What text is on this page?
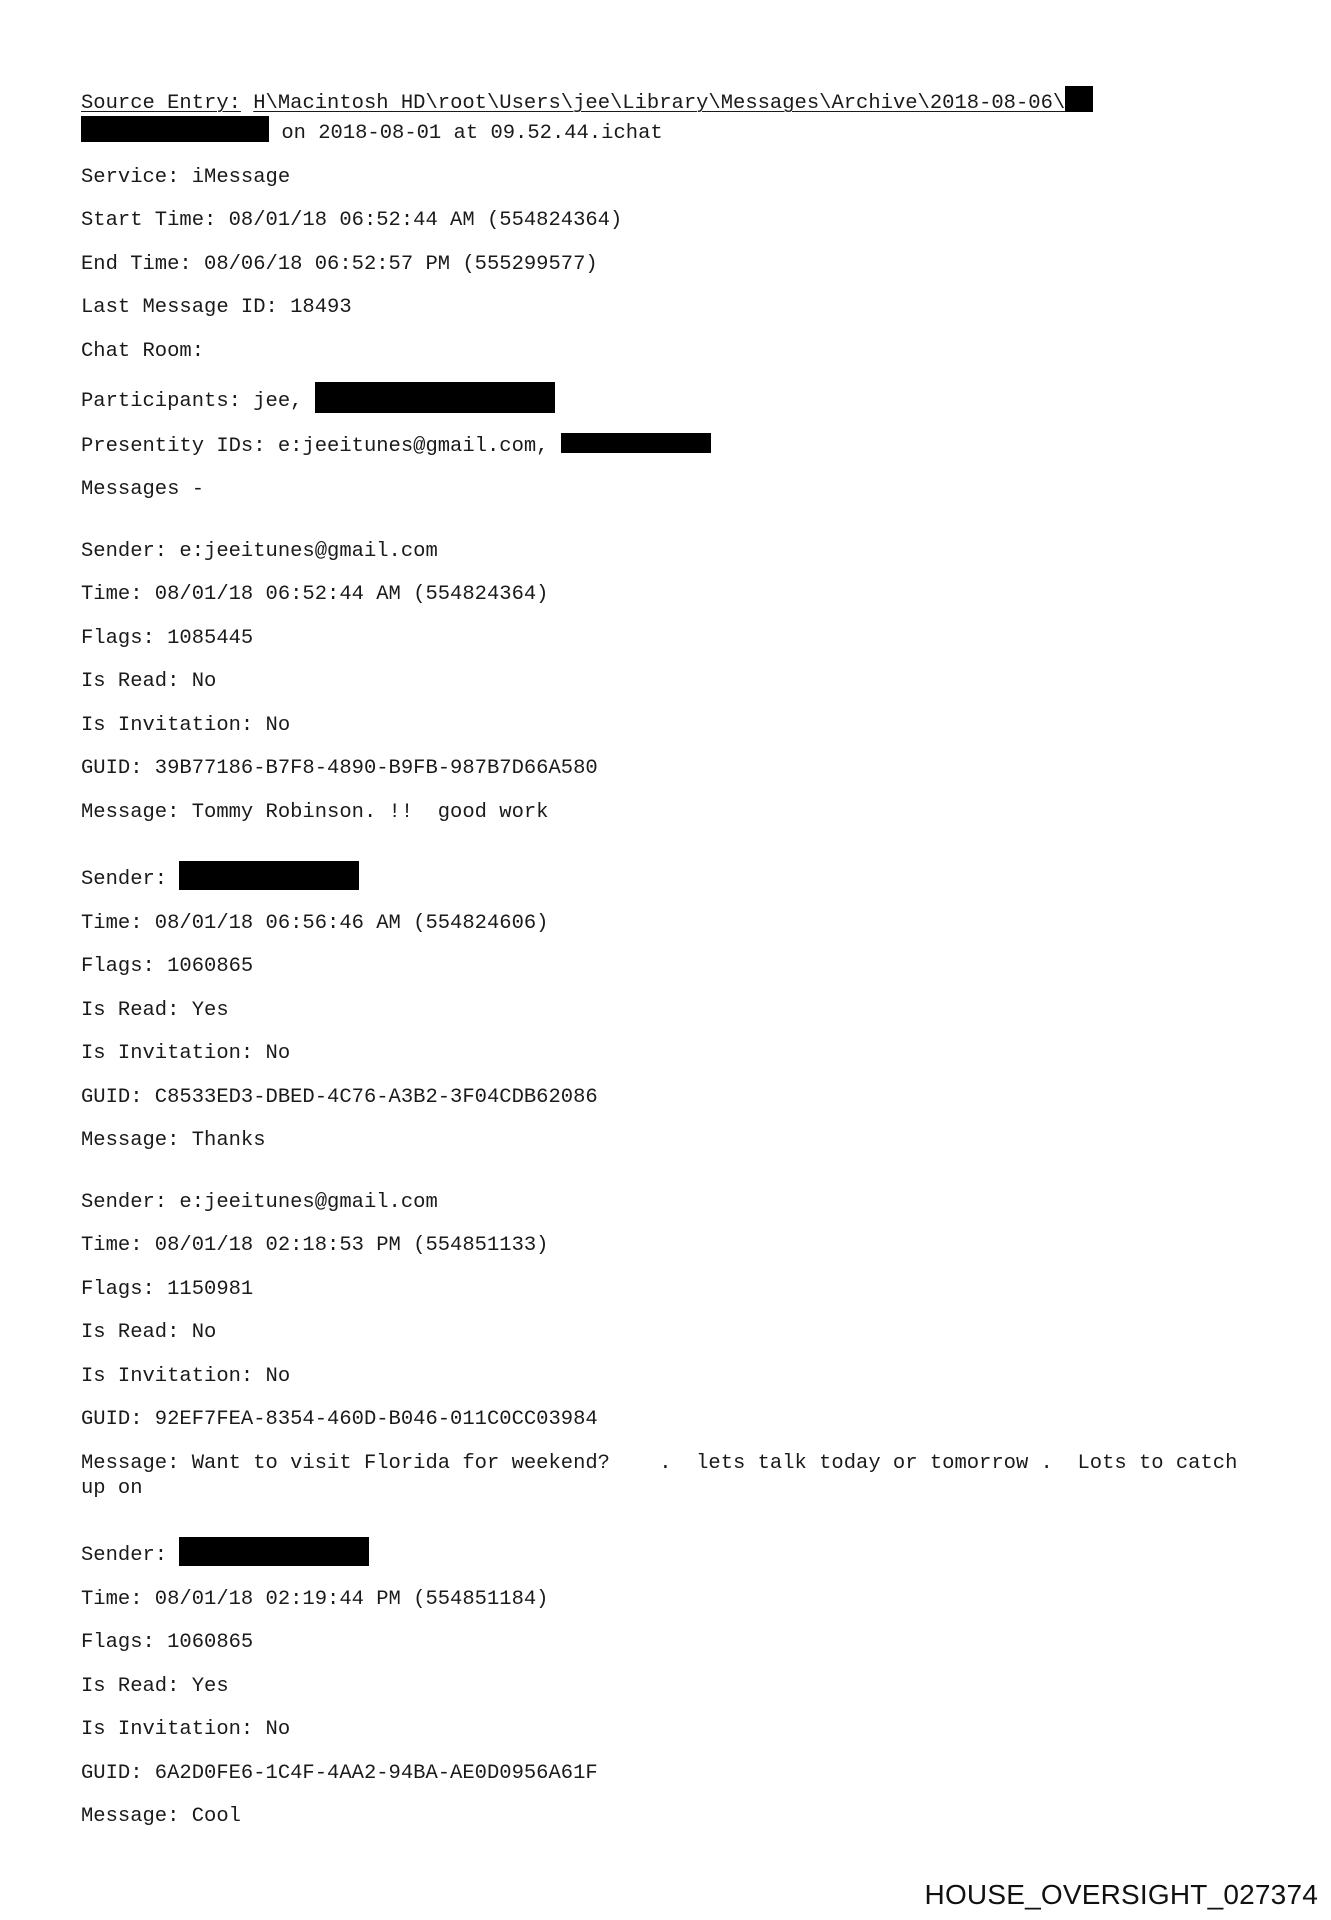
Source Entry: H\Macintosh HD\root\Users\jee\Library\Messages\Archive\2018-08-06\
on 2018-08-01 at 09.52.44.ichat
Service: iMessage
Start Time: 08/01/18 06:52:44 AM (554824364)
End Time: 08/06/18 06:52:57 PM (555299577)
Last Message ID: 18493
Chat Room:
Participants: jee,
Presentity IDs: e:jeeitunes@gmail.com,
Messages -
Sender: e:jeeitunes@gmail.com
Time: 08/01/18 06:52:44 AM (554824364)
Flags: 1085445
Is Read: No
Is Invitation: No
GUID: 39B77186-B7F8-4890-B9FB-987B7D66A580
Message: Tommy Robinson. !!  good work
Sender:
Time: 08/01/18 06:56:46 AM (554824606)
Flags: 1060865
Is Read: Yes
Is Invitation: No
GUID: C8533ED3-DBED-4C76-A3B2-3F04CDB62086
Message: Thanks
Sender: e:jeeitunes@gmail.com
Time: 08/01/18 02:18:53 PM (554851133)
Flags: 1150981
Is Read: No
Is Invitation: No
GUID: 92EF7FEA-8354-460D-B046-011C0CC03984
Message: Want to visit Florida for weekend?    .  lets talk today or tomorrow .  Lots to catch up on
Sender:
Time: 08/01/18 02:19:44 PM (554851184)
Flags: 1060865
Is Read: Yes
Is Invitation: No
GUID: 6A2D0FE6-1C4F-4AA2-94BA-AE0D0956A61F
Message: Cool
HOUSE_OVERSIGHT_027374
